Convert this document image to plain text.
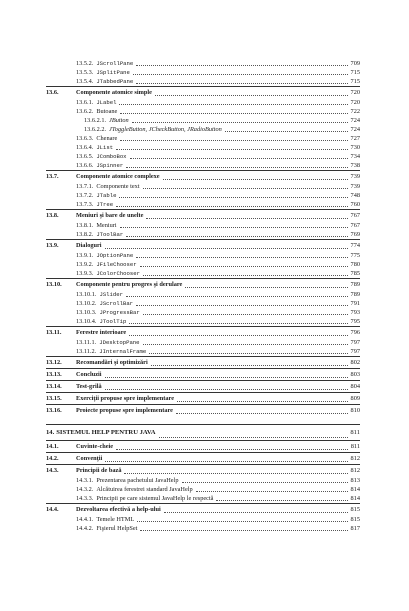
13.5.2. JScrollPane	709
13.5.3. JSplitPane	715
13.5.4. JTabbedPane	715
13.6.	Componente atomice simple	720
13.6.1. JLabel	720
13.6.2. Butoane	722
13.6.2.1. JButton	724
13.6.2.2. JToggleButton, JCheckButton, JRadioButton	724
13.6.3. Chenare	727
13.6.4. JList	730
13.6.5. JComboBox	734
13.6.6. JSpinner	738
13.7.	Componente atomice complexe	739
13.7.1. Componente text	739
13.7.2. JTable	748
13.7.3. JTree	760
13.8.	Meniuri şi bare de unelte	767
13.8.1. Meniuri	767
13.8.2. JToolBar	769
13.9.	Dialoguri	774
13.9.1. JOptionPane	775
13.9.2. JFileChooser	780
13.9.3. JColorChooser	785
13.10.	Componente pentru progres şi derulare	789
13.10.1. JSlider	789
13.10.2. JScrollBar	791
13.10.3. JProgressBar	793
13.10.4. JToolTip	795
13.11.	Ferestre interioare	796
13.11.1. JDesktopPane	797
13.11.2. JInternalFrame	797
13.12.	Recomandări şi optimizări	802
13.13.	Concluzii	803
13.14.	Test-grilă	804
13.15.	Exerciţii propuse spre implementare	809
13.16.	Proiecte propuse spre implementare	810
14. SISTEMUL HELP PENTRU JAVA	811
14.1.	Cuvinte-cheie	811
14.2.	Convenţii	812
14.3.	Principii de bază	812
14.3.1. Prezentarea pachetului JavaHelp	813
14.3.2. Alcătuirea ferestrei standard JavaHelp	814
14.3.3. Principii pe care sistemul JavaHelp le respectă	814
14.4.	Dezvoltarea efectivă a help-ului	815
14.4.1. Temele HTML	815
14.4.2. Fişierul HelpSet	817
